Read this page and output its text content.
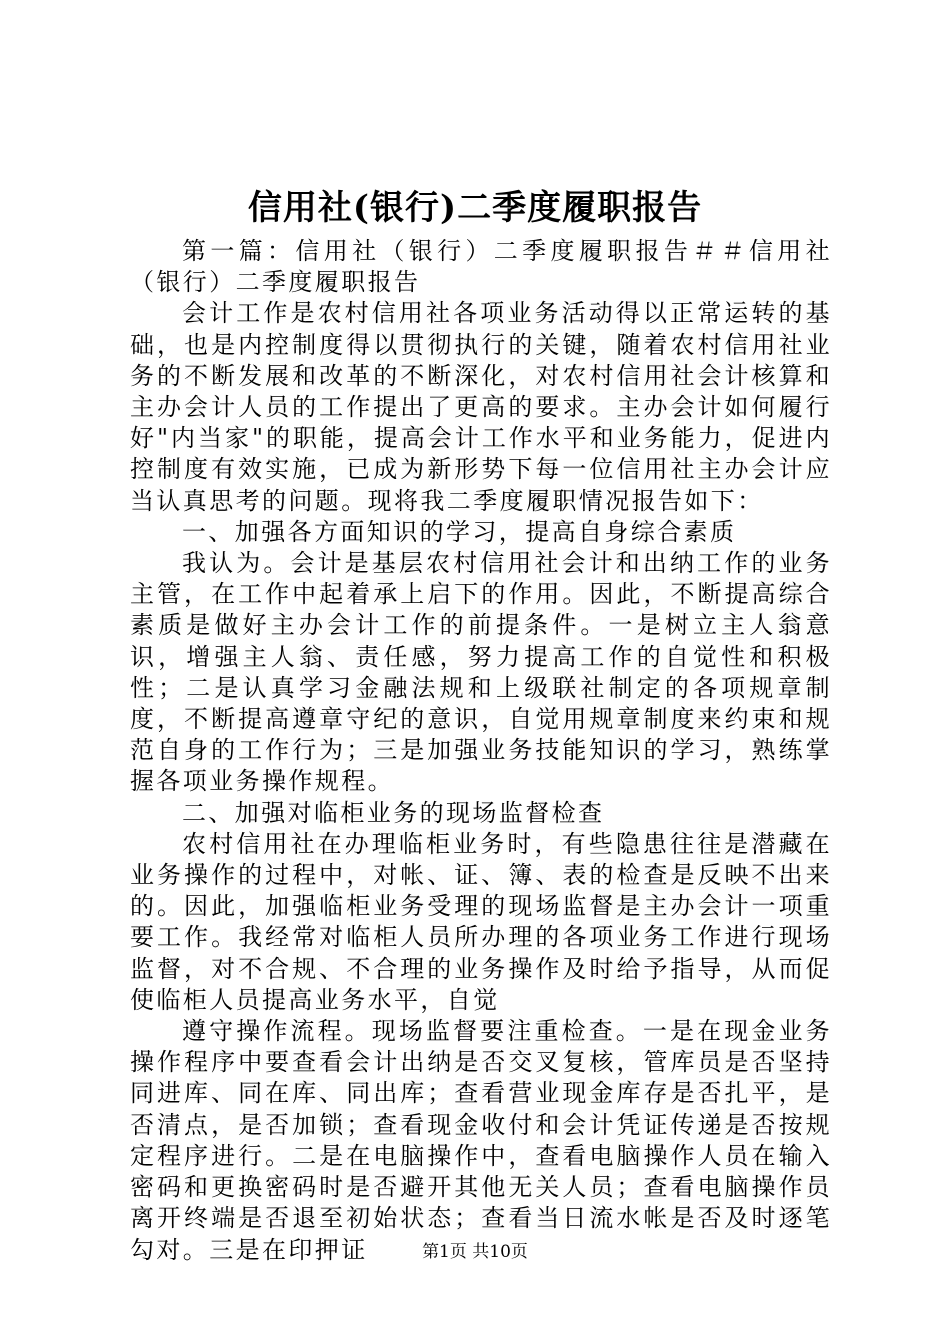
信用社(银行)二季度履职报告

第一篇：信用社（银行）二季度履职报告＃＃信用社（银行）二季度履职报告

会计工作是农村信用社各项业务活动得以正常运转的基础，也是内控制度得以贯彻执行的关键，随着农村信用社业务的不断发展和改革的不断深化，对农村信用社会计核算和主办会计人员的工作提出了更高的要求。主办会计如何履行好"内当家"的职能，提高会计工作水平和业务能力，促进内控制度有效实施，已成为新形势下每一位信用社主办会计应当认真思考的问题。现将我二季度履职情况报告如下：

一、加强各方面知识的学习，提高自身综合素质

我认为。会计是基层农村信用社会计和出纳工作的业务主管，在工作中起着承上启下的作用。因此，不断提高综合素质是做好主办会计工作的前提条件。一是树立主人翁意识，增强主人翁、责任感，努力提高工作的自觉性和积极性；二是认真学习金融法规和上级联社制定的各项规章制度，不断提高遵章守纪的意识，自觉用规章制度来约束和规范自身的工作行为；三是加强业务技能知识的学习，熟练掌握各项业务操作规程。

二、加强对临柜业务的现场监督检查

农村信用社在办理临柜业务时，有些隐患往往是潜藏在业务操作的过程中，对帐、证、簿、表的检查是反映不出来的。因此，加强临柜业务受理的现场监督是主办会计一项重要工作。我经常对临柜人员所办理的各项业务工作进行现场监督，对不合规、不合理的业务操作及时给予指导，从而促使临柜人员提高业务水平，自觉

遵守操作流程。现场监督要注重检查。一是在现金业务操作程序中要查看会计出纳是否交叉复核，管库员是否坚持同进库、同在库、同出库；查看营业现金库存是否扎平，是否清点，是否加锁；查看现金收付和会计凭证传递是否按规定程序进行。二是在电脑操作中，查看电脑操作人员在输入密码和更换密码时是否避开其他无关人员；查看电脑操作员离开终端是否退至初始状态；查看当日流水帐是否及时逐笔勾对。三是在印押证	第1页 共10页
